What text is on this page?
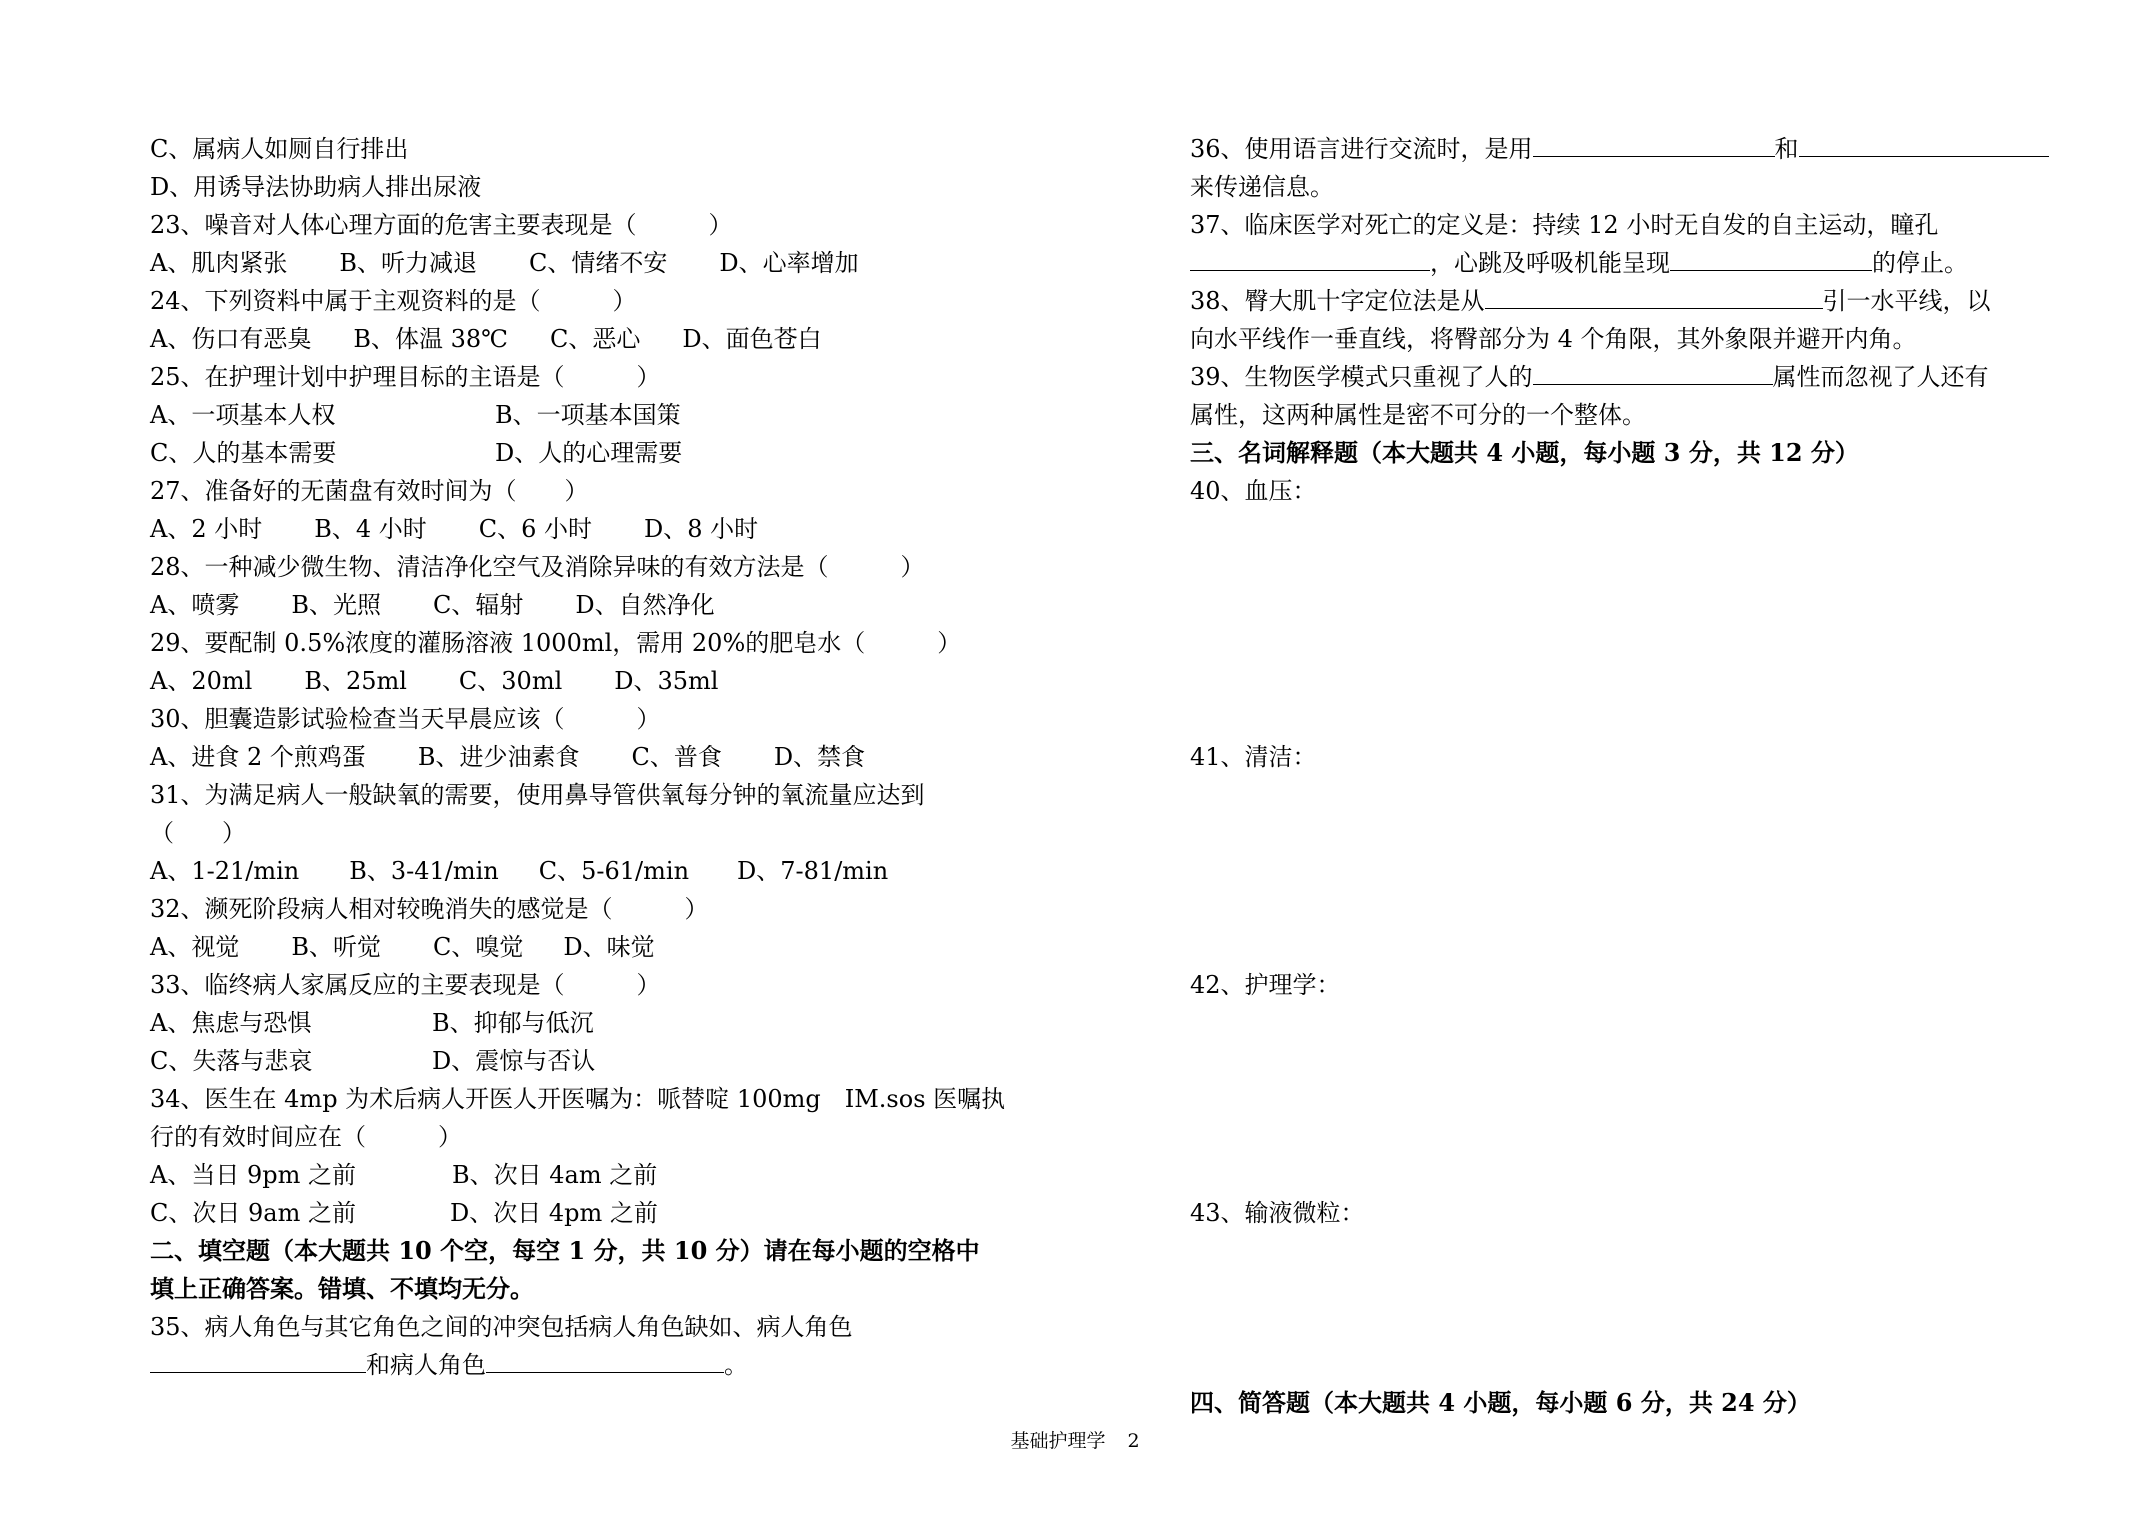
C、属病人如厕自行排出
D、用诱导法协助病人排出尿液
23、噪音对人体心理方面的危害主要表现是（　　　）
A、肌肉紧张 B、听力减退 C、情绪不安 D、心率增加
24、下列资料中属于主观资料的是（　　　）
A、伤口有恶臭 B、体温 38℃ C、恶心 D、面色苍白
25、在护理计划中护理目标的主语是（　　　）
A、一项基本人权	B、一项基本国策
C、人的基本需要	D、人的心理需要
27、准备好的无菌盘有效时间为（　　）
A、2 小时 B、4 小时 C、6 小时 D、8 小时
28、一种减少微生物、清洁净化空气及消除异味的有效方法是（　　　）
A、喷雾 B、光照 C、辐射 D、自然净化
29、要配制 0.5%浓度的灌肠溶液 1000ml，需用 20%的肥皂水（　　　）
A、20ml B、25ml C、30ml D、35ml
30、胆囊造影试验检查当天早晨应该（　　　）
A、进食 2 个煎鸡蛋 B、进少油素食 C、普食 D、禁食
31、为满足病人一般缺氧的需要，使用鼻导管供氧每分钟的氧流量应达到
（　　）
A、1-21/min B、3-41/min C、5-61/min D、7-81/min
32、濒死阶段病人相对较晚消失的感觉是（　　　）
A、视觉 B、听觉 C、嗅觉 D、味觉
33、临终病人家属反应的主要表现是（　　　）
A、焦虑与恐惧	B、抑郁与低沉
C、失落与悲哀	D、震惊与否认
34、医生在 4mp 为术后病人开医人开医嘱为：哌替啶 100mg　IM.sos 医嘱执
行的有效时间应在（　　　）
A、当日 9pm 之前	B、次日 4am 之前
C、次日 9am 之前	D、次日 4pm 之前
二、填空题（本大题共 10 个空，每空 1 分，共 10 分）请在每小题的空格中
填上正确答案。错填、不填均无分。
35、病人角色与其它角色之间的冲突包括病人角色缺如、病人角色
和病人角色	。
36、使用语言进行交流时，是用	和
来传递信息。
37、临床医学对死亡的定义是：持续 12 小时无自发的自主运动，瞳孔
，心跳及呼吸机能呈现	的停止。
38、臀大肌十字定位法是从	引一水平线，以
向水平线作一垂直线，将臀部分为 4 个角限，其外象限并避开内角。
39、生物医学模式只重视了人的	属性而忽视了人还有
属性，这两种属性是密不可分的一个整体。
三、名词解释题（本大题共 4 小题，每小题 3 分，共 12 分）
40、血压：
41、清洁：
42、护理学：
43、输液微粒：
四、简答题（本大题共 4 小题，每小题 6 分，共 24 分）
基础护理学 2
